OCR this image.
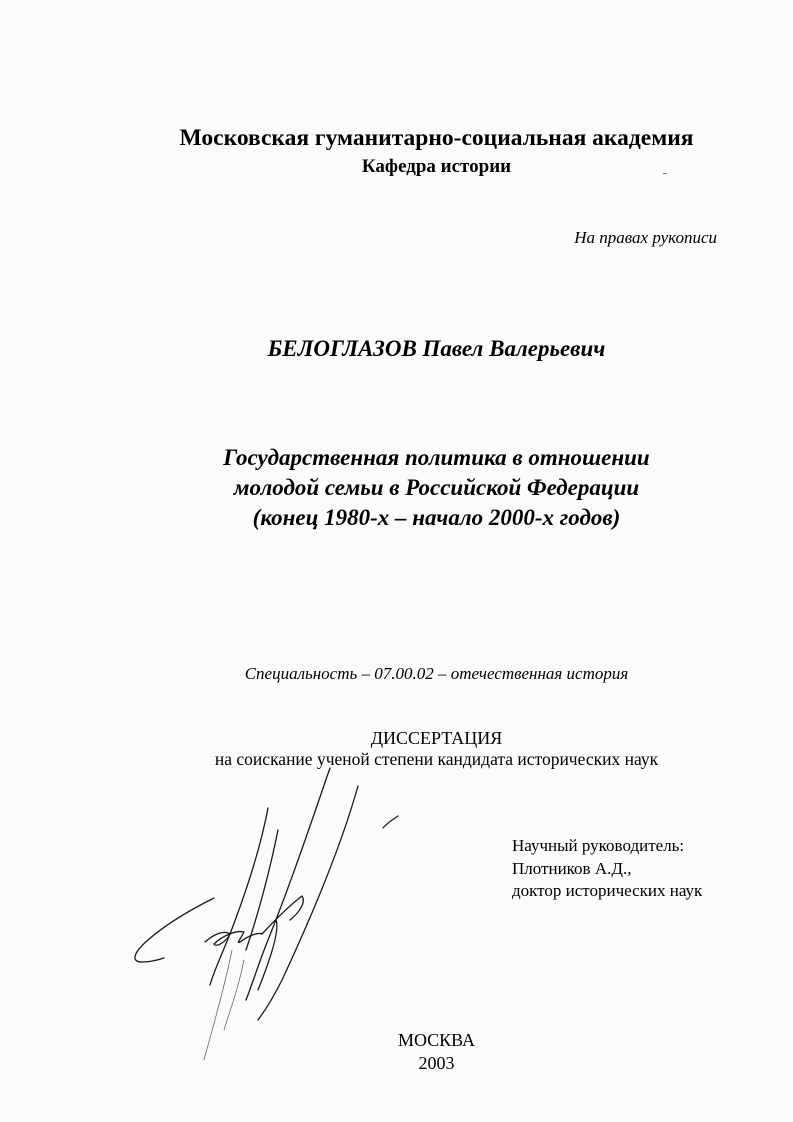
Московская гуманитарно-социальная академия
Кафедра истории
На правах рукописи
БЕЛОГЛАЗОВ Павел Валерьевич
Государственная политика в отношении
молодой семьи в Российской Федерации
(конец 1980-х – начало 2000-х годов)
Специальность – 07.00.02 – отечественная история
ДИССЕРТАЦИЯ
на соискание ученой степени кандидата исторических наук
Научный руководитель:
Плотников А.Д.,
доктор исторических наук
МОСКВА
2003
